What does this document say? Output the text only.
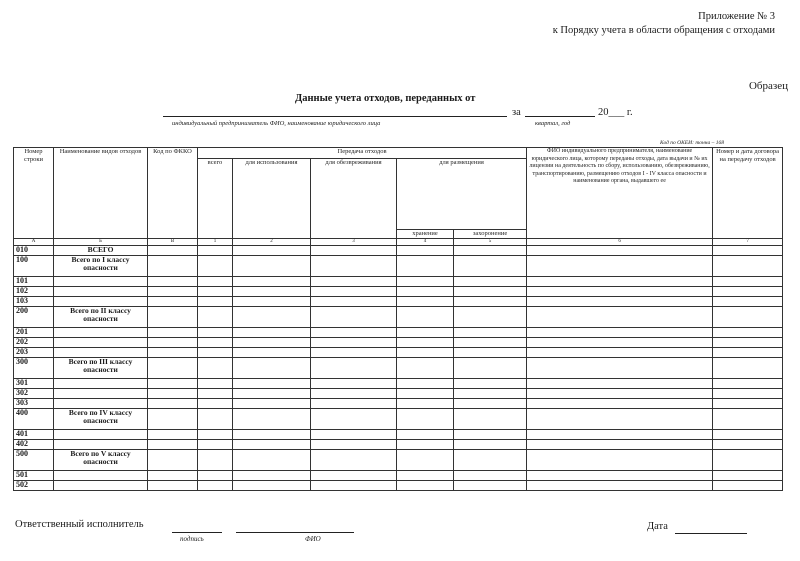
Приложение № 3
к Порядку учета в области обращения с отходами
Образец
Данные учета отходов, переданных от
за	20___ г.
индивидуальный предприниматель ФИО, наименование юридического лица	квартал, год
Код по ОКЕИ: тонна – 168
Номер строки	Наименование видов отходов	Код по ФККО	Передача отходов					ФИО индивидуального предпринимателя, наименование юридического лица, которому переданы отходы, дата выдачи и № их лицензии на деятельность по сбору, использованию, обезвреживанию, транспортированию, размещению отходов I - IV класса опасности и наименование органа, выдавшего ее	Номер и дата договора на передачу отходов
			всего	для использования	для обезвреживания	для размещения			
						хранение	захоронение		
А	Б	В	1	2	3	4	5	6	7
010	ВСЕГО								
100	Всего по I классу опасности								
101									
102									
103									
200	Всего по II классу опасности								
201									
202									
203									
300	Всего по III классу опасности								
301									
302									
303									
400	Всего по IV классу опасности								
401									
402									
500	Всего по V классу опасности								
501									
502									
Ответственный исполнитель
подпись	ФИО
Дата
